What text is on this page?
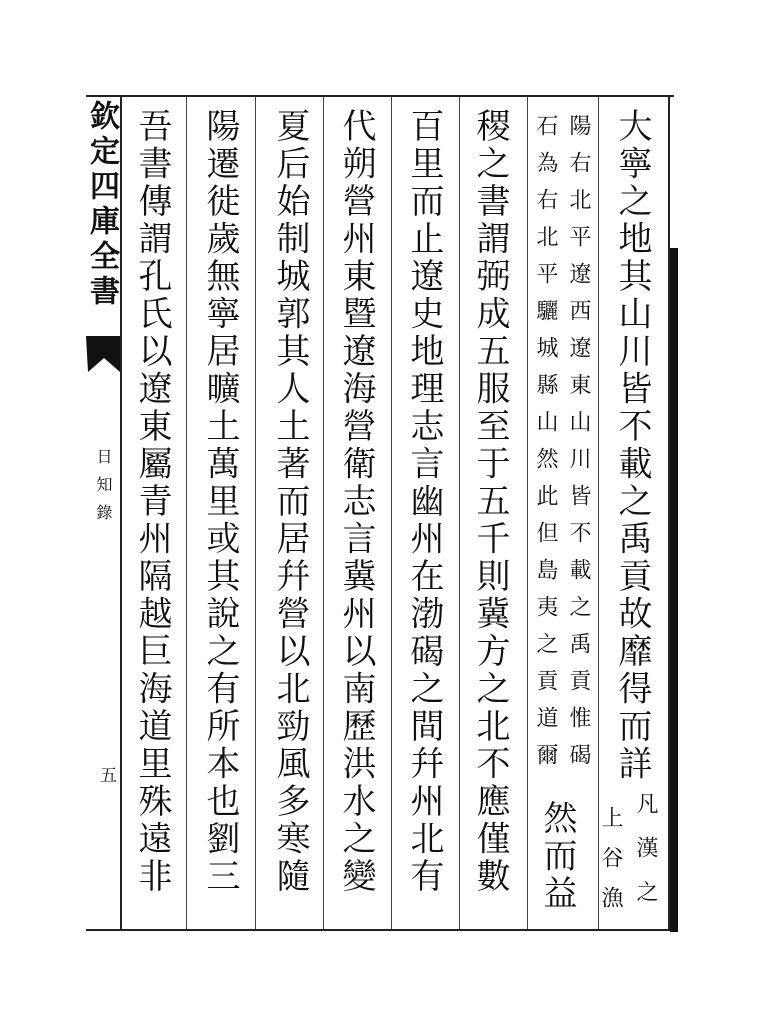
大寧之地其山川皆不載之禹貢故靡得而詳
凡漢之
上谷漁
陽右北平遼西遼東山川皆不載之禹貢惟碣
石為右北平驪城縣山然此但島夷之貢道爾
然而益
稷之書謂弼成五服至于五千則冀方之北不應僅數
百里而止遼史地理志言幽州在渤碣之間幷州北有
代朔營州東暨遼海營衛志言冀州以南歷洪水之變
夏后始制城郭其人土著而居幷營以北勁風多寒隨
陽遷徙歲無寧居曠土萬里或其說之有所本也劉三
吾書傳謂孔氏以遼東屬青州隔越巨海道里殊遠非
欽定四庫全書
日知錄
五
